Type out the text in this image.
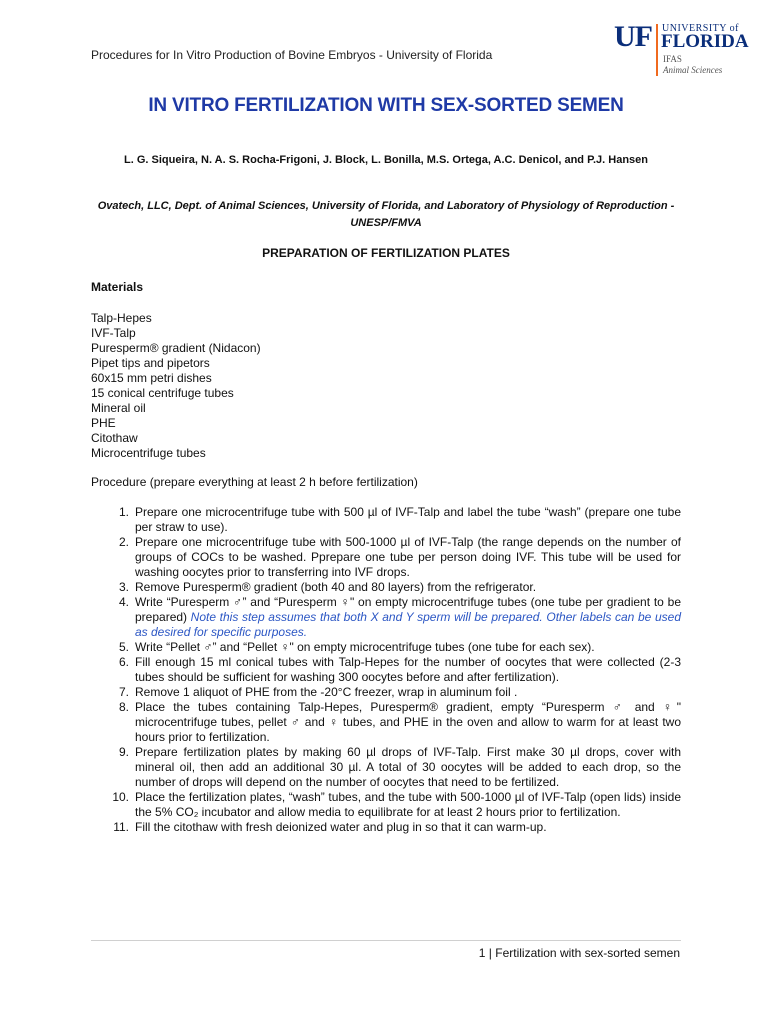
Procedures for In Vitro Production of Bovine Embryos - University of Florida
UF UNIVERSITY of
FLORIDA
IFAS
Animal Sciences
IN VITRO FERTILIZATION WITH SEX-SORTED SEMEN
L. G. Siqueira, N. A. S. Rocha-Frigoni, J. Block, L. Bonilla, M.S. Ortega, A.C. Denicol, and P.J. Hansen
Ovatech, LLC, Dept. of Animal Sciences, University of Florida, and Laboratory of Physiology of Reproduction - UNESP/FMVA
PREPARATION OF FERTILIZATION PLATES
Materials
Talp-Hepes
IVF-Talp
Puresperm® gradient (Nidacon)
Pipet tips and pipetors
60x15 mm petri dishes
15 conical centrifuge tubes
Mineral oil
PHE
Citothaw
Microcentrifuge tubes
Procedure (prepare everything at least 2 h before fertilization)
1. Prepare one microcentrifuge tube with 500 µl of IVF-Talp and label the tube “wash” (prepare one tube per straw to use).
2. Prepare one microcentrifuge tube with 500-1000 µl of IVF-Talp (the range depends on the number of groups of COCs to be washed. Pprepare one tube per person doing IVF. This tube will be used for washing oocytes prior to transferring into IVF drops.
3. Remove Puresperm® gradient (both 40 and 80 layers) from the refrigerator.
4. Write “Puresperm ♂” and “Puresperm ♀" on empty microcentrifuge tubes (one tube per gradient to be prepared) Note this step assumes that both X and Y sperm will be prepared. Other labels can be used as desired for specific purposes.
5. Write “Pellet ♂” and “Pellet ♀" on empty microcentrifuge tubes (one tube for each sex).
6. Fill enough 15 ml conical tubes with Talp-Hepes for the number of oocytes that were collected (2-3 tubes should be sufficient for washing 300 oocytes before and after fertilization).
7. Remove 1 aliquot of PHE from the -20°C freezer, wrap in aluminum foil .
8. Place the tubes containing Talp-Hepes, Puresperm® gradient, empty “Puresperm ♂ and ♀" microcentrifuge tubes, pellet ♂ and ♀ tubes, and PHE in the oven and allow to warm for at least two hours prior to fertilization.
9. Prepare fertilization plates by making 60 µl drops of IVF-Talp. First make 30 µl drops, cover with mineral oil, then add an additional 30 µl. A total of 30 oocytes will be added to each drop, so the number of drops will depend on the number of oocytes that need to be fertilized.
10. Place the fertilization plates, “wash” tubes, and the tube with 500-1000 µl of IVF-Talp (open lids) inside the 5% CO₂ incubator and allow media to equilibrate for at least 2 hours prior to fertilization.
11. Fill the citothaw with fresh deionized water and plug in so that it can warm-up.
1 | Fertilization with sex-sorted semen
